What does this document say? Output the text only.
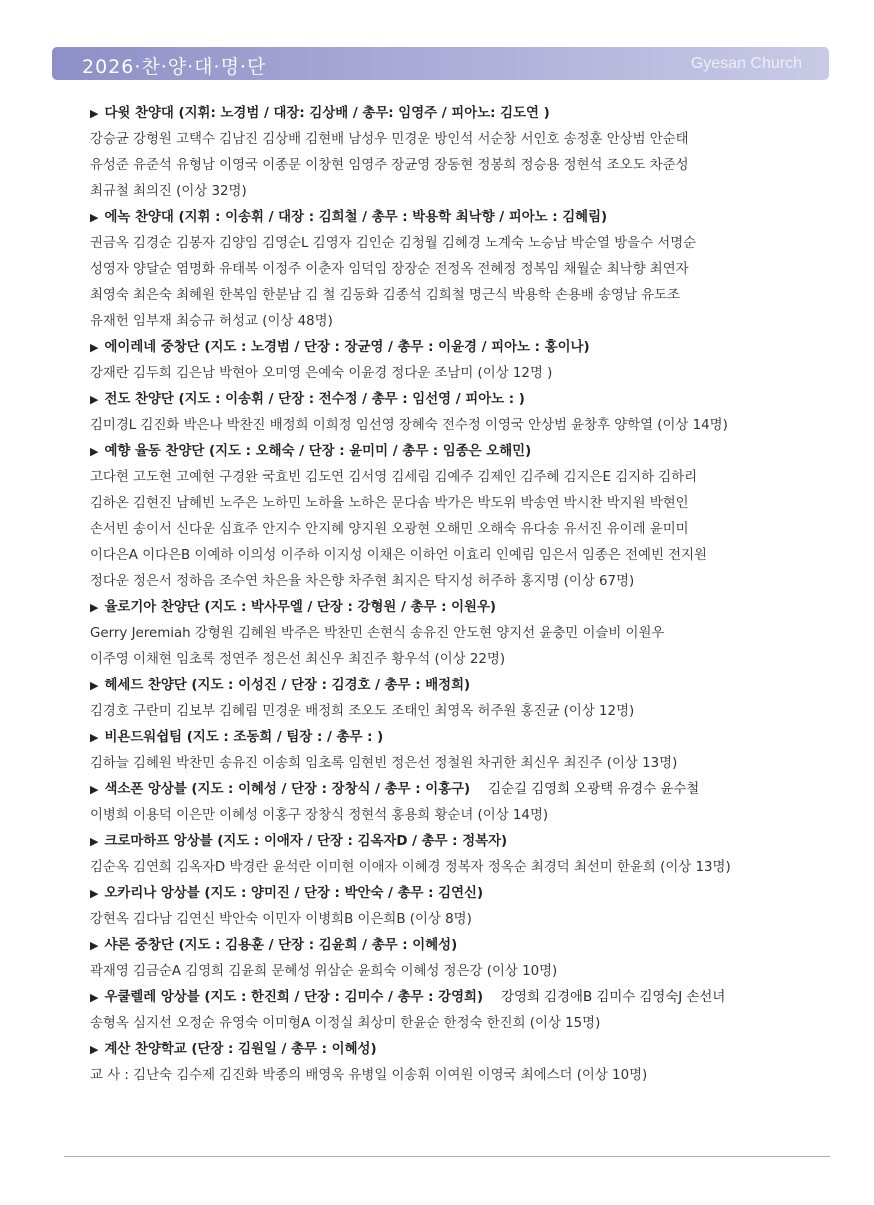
2026·찬·양·대·명·단	Gyesan Church
▶ 다윗 찬양대 (지휘: 노경범 / 대장: 김상배 / 총무: 임영주 / 피아노: 김도연 )
강승균 강형원 고택수 김남진 김상배 김현배 남성우 민경운 방인석 서순창 서인호 송정훈 안상범 안순태
유성준 유준석 유형남 이영국 이종문 이창현 임영주 장균영 장동현 정봉희 정승용 정현석 조오도 차준성
최규철 최의진 (이상 32명)
▶ 에녹 찬양대 (지휘 : 이송휘 / 대장 : 김희철 / 총무 : 박용학 최낙향 / 피아노 : 김혜림)
권금옥 김경순 김봉자 김양임 김영순L 김영자 김인순 김청월 김혜경 노계숙 노승남 박순열 방을수 서명순
성영자 양달순 염명화 유태복 이정주 이춘자 임덕임 장장순 전정옥 전혜정 정복임 채월순 최낙향 최연자
최영숙 최은숙 최혜원 한복임 한분남 김 철 김동화 김종석 김희철 명근식 박용학 손용배 송영남 유도조
유재헌 임부재 최승규 허성교 (이상 48명)
▶ 에이레네 중창단 (지도 : 노경범 / 단장 : 장균영 / 총무 : 이윤경 / 피아노 : 홍이나)
강재란 김두희 김은남 박현아 오미영 은예숙 이윤경 정다운 조남미 (이상 12명 )
▶ 전도 찬양단 (지도 : 이송휘 / 단장 : 전수정 / 총무 : 임선영 / 피아노 : )
김미경L 김진화 박은나 박찬진 배정희 이희정 임선영 장혜숙 전수정 이영국 안상범 윤창후 양학열 (이상 14명)
▶ 예향 율동 찬양단 (지도 : 오해숙 / 단장 : 윤미미 / 총무 : 임종은 오해민)
고다현 고도현 고예현 구경완 국효빈 김도연 김서영 김세림 김예주 김제인 김주혜 김지은E 김지하 김하리
김하온 김현진 남혜빈 노주은 노하민 노하율 노하은 문다솜 박가은 박도위 박송연 박시찬 박지원 박현인
손서빈 송이서 신다운 심효주 안지수 안지혜 양지원 오광현 오해민 오해숙 유다송 유서진 유이레 윤미미
이다은A 이다은B 이예하 이의성 이주하 이지성 이채은 이하언 이효리 인예림 임은서 임종은 전예빈 전지원
정다운 정은서 정하음 조수연 차은율 차은향 차주현 최지은 탁지성 허주하 홍지명 (이상 67명)
▶ 율로기아 찬양단 (지도 : 박사무엘 / 단장 : 강형원 / 총무 : 이원우)
Gerry Jeremiah 강형원 김혜원 박주은 박찬민 손현식 송유진 안도현 양지선 윤충민 이슬비 이원우
이주영 이채현 임초록 정연주 정은선 최신우 최진주 황우석 (이상 22명)
▶ 헤세드 찬양단 (지도 : 이성진 / 단장 : 김경호 / 총무 : 배정희)
김경호 구란미 김보부 김혜림 민경운 배정희 조오도 조태인 최영옥 허주원 홍진균 (이상 12명)
▶ 비욘드워쉽팀 (지도 : 조동희 / 팀장 : / 총무 : )
김하늘 김혜원 박찬민 송유진 이송희 임초록 임현빈 정은선 정철원 차귀한 최신우 최진주 (이상 13명)
▶ 색소폰 앙상블 (지도 : 이혜성 / 단장 : 장창식 / 총무 : 이홍구) 김순길 김영희 오광택 유경수 윤수철
이병희 이용덕 이은만 이혜성 이홍구 장창식 정현석 홍용희 황순녀 (이상 14명)
▶ 크로마하프 앙상블 (지도 : 이애자 / 단장 : 김옥자D / 총무 : 정복자)
김순옥 김연희 김옥자D 박경란 윤석란 이미현 이애자 이혜경 정복자 정옥순 최경덕 최선미 한윤희 (이상 13명)
▶ 오카리나 앙상블 (지도 : 양미진 / 단장 : 박안숙 / 총무 : 김연신)
강현옥 김다남 김연신 박안숙 이민자 이병희B 이은희B (이상 8명)
▶ 샤론 중창단 (지도 : 김용훈 / 단장 : 김윤희 / 총무 : 이혜성)
곽재영 김금순A 김영희 김윤희 문혜성 위삼순 윤희숙 이혜성 정은강 (이상 10명)
▶ 우쿨렐레 앙상블 (지도 : 한진희 / 단장 : 김미수 / 총무 : 강영희) 강영희 김경애B 김미수 김영숙J 손선녀
송형옥 심지선 오정순 유영숙 이미형A 이정실 최상미 한윤순 한정숙 한진희 (이상 15명)
▶ 계산 찬양학교 (단장 : 김원일 / 총무 : 이혜성)
교 사 : 김난숙 김수제 김진화 박종의 배영욱 유병일 이송휘 이여원 이영국 최에스더 (이상 10명)
